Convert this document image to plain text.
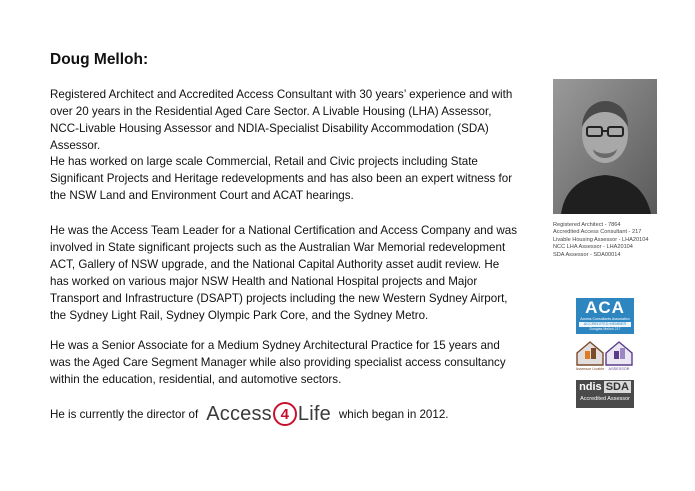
Doug Melloh:

Registered Architect and Accredited Access Consultant with 30 years’ experience and with over 20 years in the Residential Aged Care Sector. A Livable Housing (LHA) Assessor, NCC-Livable Housing Assessor and NDIA-Specialist Disability Accommodation (SDA) Assessor.

He has worked on large scale Commercial, Retail and Civic projects including State Significant Projects and Heritage redevelopments and has also been an expert witness for the NSW Land and Environment Court and ACAT hearings.

He was the Access Team Leader for a National Certification and Access Company and was involved in State significant projects such as the Australian War Memorial redevelopment ACT, Gallery of NSW upgrade, and the National Capital Authority asset audit review. He has worked on various major NSW Health and National Hospital projects and Major Transport and Infrastructure (DSAPT) projects including the new Western Sydney Airport, the Sydney Light Rail, Sydney Olympic Park Core, and the Sydney Metro.

He was a Senior Associate for a Medium Sydney Architectural Practice for 15 years and was the Aged Care Segment Manager while also providing specialist access consultancy within the education, residential, and automotive sectors.

He is currently the director of Access 4 Life which began in 2012.
Registered Architect - 7864
Accredited Access Consultant - 217
Livable Housing Assessor - LHA20104
NCC LHA Assessor - LHA20104
SDA Assessor - SDA00014
ACA
Access Consultants Association
ACCREDITED MEMBER
Douglas Melloh 217
Assessor Livable ASSESSOR
ndis SDA
Accredited Assessor
